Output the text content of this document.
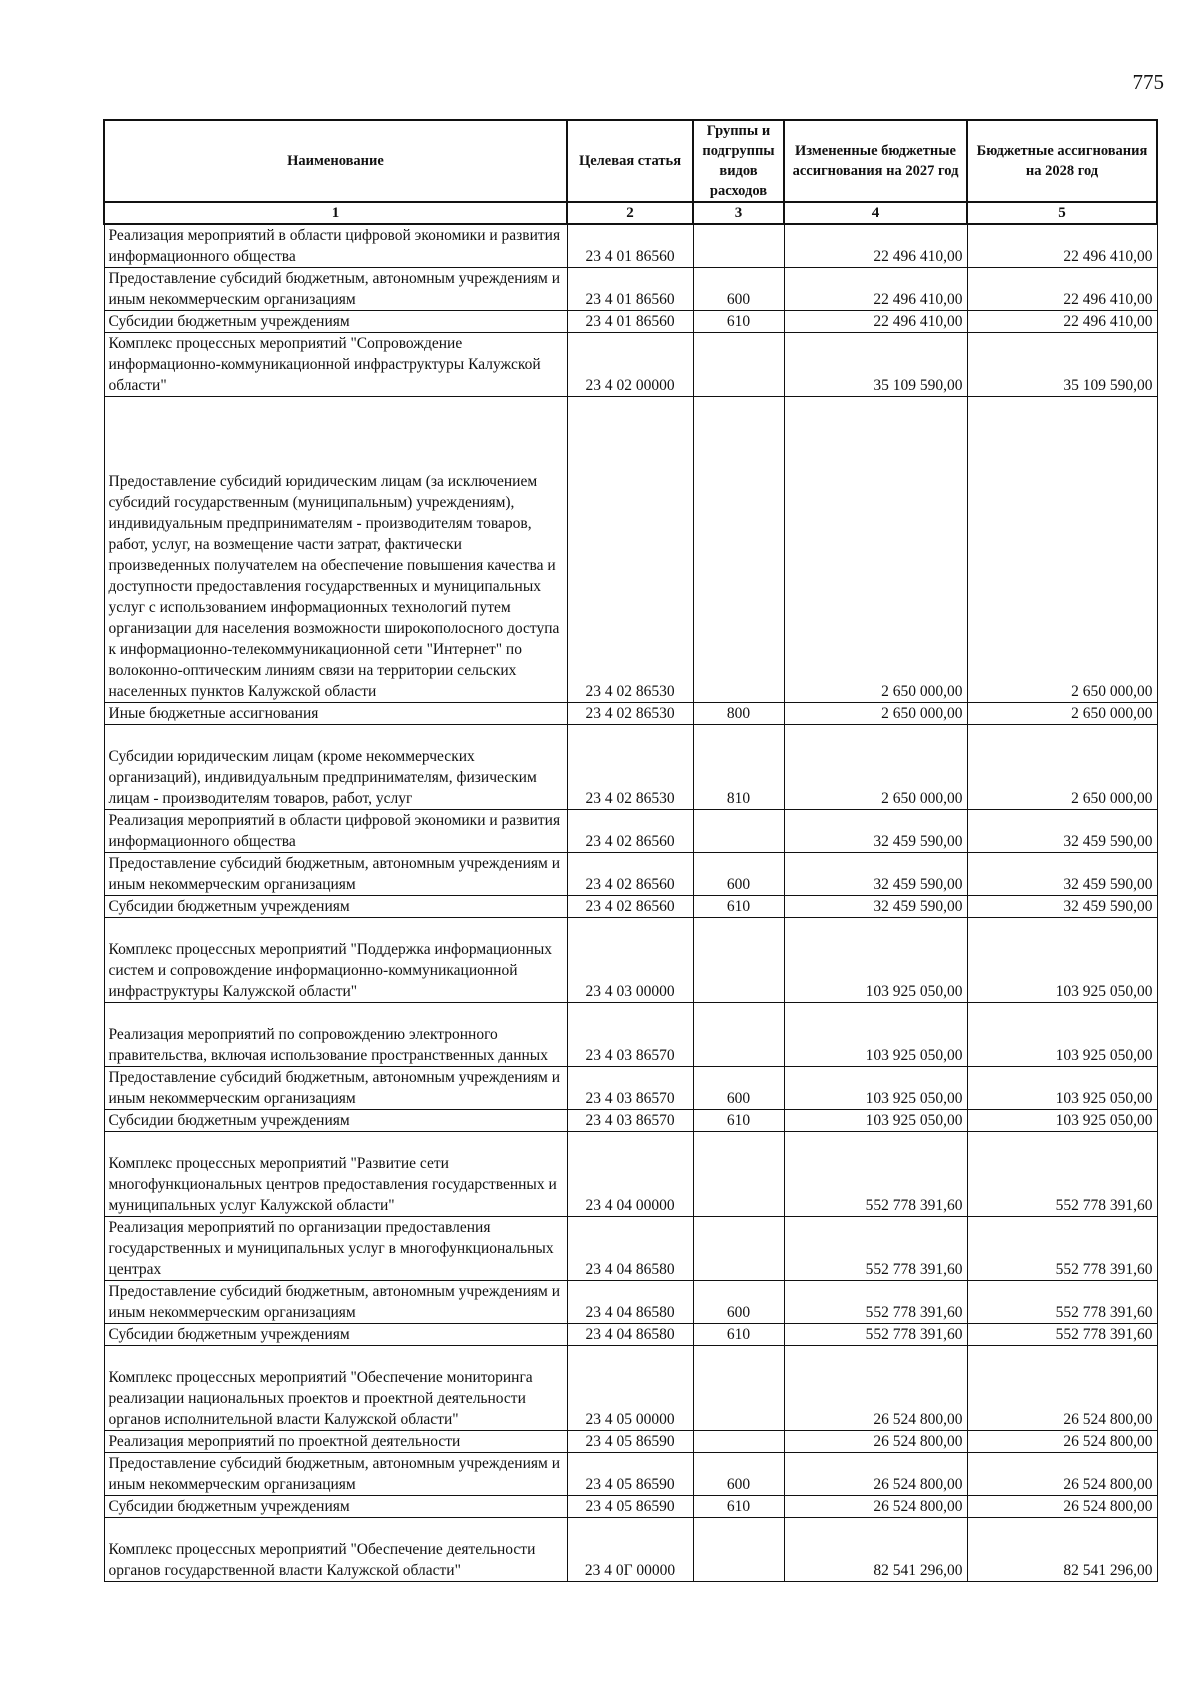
775
Наименование	Целевая статья	Группы и подгруппы видов расходов	Измененные бюджетные ассигнования на 2027 год	Бюджетные ассигнования на 2028 год
1	2	3	4	5
Реализация мероприятий в области цифровой экономики и развития информационного общества	23 4 01 86560		22 496 410,00	22 496 410,00
Предоставление субсидий бюджетным, автономным учреждениям и иным некоммерческим организациям	23 4 01 86560	600	22 496 410,00	22 496 410,00
Субсидии бюджетным учреждениям	23 4 01 86560	610	22 496 410,00	22 496 410,00
Комплекс процессных мероприятий "Сопровождение информационно-коммуникационной инфраструктуры Калужской области"	23 4 02 00000		35 109 590,00	35 109 590,00
Предоставление субсидий юридическим лицам (за исключением субсидий государственным (муниципальным) учреждениям), индивидуальным предпринимателям - производителям товаров, работ, услуг, на возмещение части затрат, фактически произведенных получателем на обеспечение повышения качества и доступности предоставления государственных и муниципальных услуг с использованием информационных технологий путем организации для населения возможности широкополосного доступа к информационно-телекоммуникационной сети "Интернет" по волоконно-оптическим линиям связи на территории сельских населенных пунктов Калужской области	23 4 02 86530		2 650 000,00	2 650 000,00
Иные бюджетные ассигнования	23 4 02 86530	800	2 650 000,00	2 650 000,00
Субсидии юридическим лицам (кроме некоммерческих организаций), индивидуальным предпринимателям, физическим лицам - производителям товаров, работ, услуг	23 4 02 86530	810	2 650 000,00	2 650 000,00
Реализация мероприятий в области цифровой экономики и развития информационного общества	23 4 02 86560		32 459 590,00	32 459 590,00
Предоставление субсидий бюджетным, автономным учреждениям и иным некоммерческим организациям	23 4 02 86560	600	32 459 590,00	32 459 590,00
Субсидии бюджетным учреждениям	23 4 02 86560	610	32 459 590,00	32 459 590,00
Комплекс процессных мероприятий "Поддержка информационных систем и сопровождение информационно-коммуникационной инфраструктуры Калужской области"	23 4 03 00000		103 925 050,00	103 925 050,00
Реализация мероприятий по сопровождению электронного правительства, включая использование пространственных данных	23 4 03 86570		103 925 050,00	103 925 050,00
Предоставление субсидий бюджетным, автономным учреждениям и иным некоммерческим организациям	23 4 03 86570	600	103 925 050,00	103 925 050,00
Субсидии бюджетным учреждениям	23 4 03 86570	610	103 925 050,00	103 925 050,00
Комплекс процессных мероприятий "Развитие сети многофункциональных центров предоставления государственных и муниципальных услуг Калужской области"	23 4 04 00000		552 778 391,60	552 778 391,60
Реализация мероприятий по организации предоставления государственных и муниципальных услуг в многофункциональных центрах	23 4 04 86580		552 778 391,60	552 778 391,60
Предоставление субсидий бюджетным, автономным учреждениям и иным некоммерческим организациям	23 4 04 86580	600	552 778 391,60	552 778 391,60
Субсидии бюджетным учреждениям	23 4 04 86580	610	552 778 391,60	552 778 391,60
Комплекс процессных мероприятий "Обеспечение мониторинга реализации национальных проектов и проектной деятельности органов исполнительной власти Калужской области"	23 4 05 00000		26 524 800,00	26 524 800,00
Реализация мероприятий по проектной деятельности	23 4 05 86590		26 524 800,00	26 524 800,00
Предоставление субсидий бюджетным, автономным учреждениям и иным некоммерческим организациям	23 4 05 86590	600	26 524 800,00	26 524 800,00
Субсидии бюджетным учреждениям	23 4 05 86590	610	26 524 800,00	26 524 800,00
Комплекс процессных мероприятий "Обеспечение деятельности органов государственной власти Калужской области"	23 4 0Г 00000		82 541 296,00	82 541 296,00
